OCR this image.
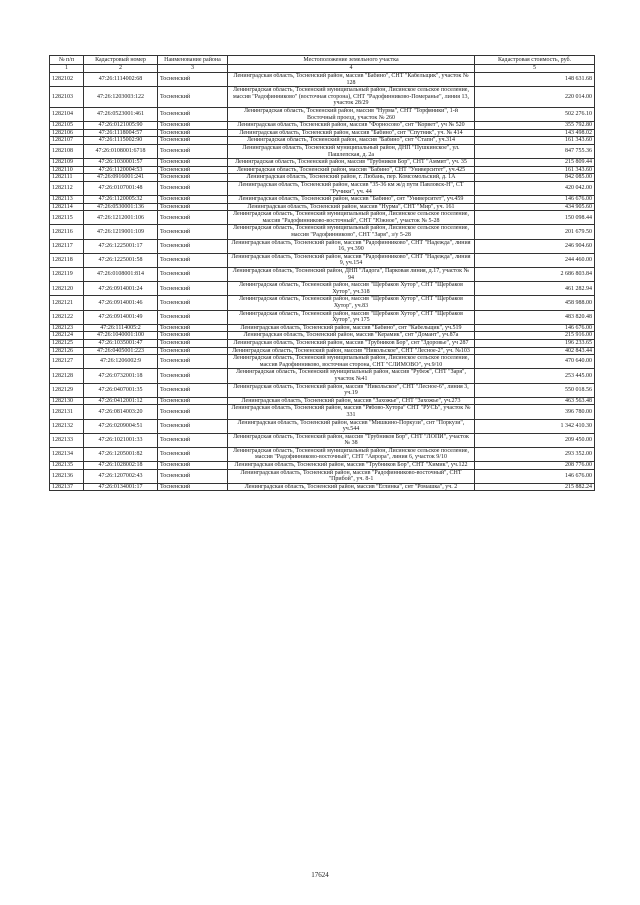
№ п/п	Кадастровый номер	Наименование района	Местоположение земельного участка	Кадастровая стоимость, руб.
1	2	3	4	5
1282102	47:26:1114002:68	Тосненский	Ленинградская область, Тосненский район, массив "Бабино", СНТ "Кабельщик", участок № 128	148 631.68
1282103	47:26:1203003:122	Тосненский	Ленинградская область, Тосненский муниципальный район, Лисинское сельское поселение, массив "Радофинниково" (восточная сторона), СНТ "Радофинниково-Померанье", линия 13, участок 28/29	220 014.00
1282104	47:26:0523001:461	Тосненский	Ленинградская область, Тосненский район, массив "Нурма", СНТ "Торфяники", 1-й Восточный проезд, участок № 260	502 276.10
1282105	47:26:0121005:90	Тосненский	Ленинградская область, Тосненский район, массив "Форносово", снт "Корвет", уч № 520	355 792.80
1282106	47:26:1118004:57	Тосненский	Ленинградская область, Тосненский район, массив "Бабино", снт "Спутник", уч. № 414	143 498.02
1282107	47:26:1115002:90	Тосненский	Ленинградская область, Тосненский район, массив "Бабино", снт "Стапн", уч.314	161 343.60
1282108	47:26:0108001:6718	Тосненский	Ленинградская область, Тосненский муниципальный район, ДНП "Пушкинское", ул. Пашлепская, д. 2а	847 755.36
1282109	47:26:1030001:57	Тосненский	Ленинградская область, Тосненский район, массив "Трубников Бор", СНТ "Аммит", уч. 35	215 809.44
1282110	47:26:1120004:53	Тосненский	Ленинградская область, Тосненский район, массив "Бабино", СНТ "Университет", уч.425	161 343.60
1282111	47:26:0916001:241	Тосненский	Ленинградская область, Тосненский район, г. Любань, пер. Комсомольский, д. 1А	842 085.00
1282112	47:26:0107001:48	Тосненский	Ленинградская область, Тосненский район, массив "35-36 км ж/д пути Павловск-Н", СТ "Ручики", уч. 44	420 042.00
1282113	47:26:1120005:32	Тосненский	Ленинградская область, Тосненский район, массив "Бабино", снт "Университет", уч.459	146 676.00
1282114	47:26:0530001:136	Тосненский	Ленинградская область, Тосненский район, массив "Нурма", СНТ "Мир", уч. 161	434 905.60
1282115	47:26:1212001:106	Тосненский	Ленинградская область, Тосненский муниципальный район, Лисинское сельское поселение, массив "Радофинниково-восточный", СНТ "Южное", участок № 5-28	150 098.44
1282116	47:26:1219001:109	Тосненский	Ленинградская область, Тосненский муниципальный район, Лисинское сельское поселение, массив "Радофинниково", СНТ "Заря", з/у 5-28	201 679.50
1282117	47:26:1225001:17	Тосненский	Ленинградская область, Тосненский район, массив "Радофинниково", СНТ "Надежда", линия 16, уч.390	246 904.60
1282118	47:26:1225001:58	Тосненский	Ленинградская область, Тосненский район, массив "Радофинниково", СНТ "Надежда", линия 9, уч.154	244 460.00
1282119	47:26:0108001:814	Тосненский	Ленинградская область, Тосненский район, ДНП "Ладога", Парковая линия, д.17, участок № 94	2 686 803.84
1282120	47:26:0914001:24	Тосненский	Ленинградская область, Тосненский район, массив "Щербаков Хутор", СНТ "Щербаков Хутор", уч.318	461 282.94
1282121	47:26:0914001:46	Тосненский	Ленинградская область, Тосненский район, массив "Щербаков Хутор", СНТ "Щербаков Хутор", уч.83	458 988.00
1282122	47:26:0914001:49	Тосненский	Ленинградская область, Тосненский район, массив "Щербаков Хутор", СНТ "Щербаков Хутор", уч 175	483 820.48
1282123	47:26:1114005:2	Тосненский	Ленинградская область, Тосненский район, массив "Бабино", снт "Кабельщик", уч.519	146 676.00
1282124	47:26:1040001:100	Тосненский	Ленинградская область, Тосненский район, массив "Керамик", снт "Домант", уч.87а	215 916.00
1282125	47:26:1035001:47	Тосненский	Ленинградская область, Тосненский район, массив "Трубников Бор", снт "Здоровье", уч 287	196 233.65
1282126	47:26:0405001:223	Тосненский	Ленинградская область, Тосненский район, массив "Никольское", СНТ "Лесное-2", уч. №103	402 843.44
1282127	47:26:1206002:9	Тосненский	Ленинградская область, Тосненский муниципальный район, Лисинское сельское поселение, массив Радофинниково, восточная сторона, СНТ "СЛИМОВО", уч.9/10	470 640.00
1282128	47:26:0732001:18	Тосненский	Ленинградская область, Тосненский муниципальный район, массив "Рубеж", СНТ "Заря", участок №41	253 445.00
1282129	47:26:0407001:35	Тосненский	Ленинградская область, Тосненский район, массив "Никольское", СНТ "Лесное-6", линия 3, уч.19	550 018.56
1282130	47:26:0412001:12	Тосненский	Ленинградская область, Тосненский район, массив "Захожье", СНТ "Захожье", уч.273	463 563.48
1282131	47:26:0814003:20	Тосненский	Ленинградская область, Тосненский район, массив "Рябово-Хутора" СНТ "РУСЬ", участок № 331	396 780.00
1282132	47:26:0209004:51	Тосненский	Ленинградская область, Тосненский район, массив "Мишкино-Поркузи", снт "Поркузи", уч.544	1 342 410.30
1282133	47:26:1021001:33	Тосненский	Ленинградская область, Тосненский район, массив "Трубников Бор", СНТ "ЛОПИ", участок № 38	209 450.00
1282134	47:26:1205001:82	Тосненский	Ленинградская область, Тосненский муниципальный район, Лисинское сельское поселение, массив "Радофинниково-восточный", СНТ "Аврора", линия 6, участок 9/10	293 352.00
1282135	47:26:1028002:18	Тосненский	Ленинградская область, Тосненский район, массив "Трубников Бор", СНТ "Химик", уч.122	208 776.00
1282136	47:26:1207002:43	Тосненский	Ленинградская область, Тосненский район, массив "Радофинниково-восточный", СНТ "Прибой", уч. 8-1	146 676.00
1282137	47:26:0134001:17	Тосненский	Ленинградская область, Тосненский район, массив "Еглинка", снт "Ромашка", уч. 2	215 882.24
17624
